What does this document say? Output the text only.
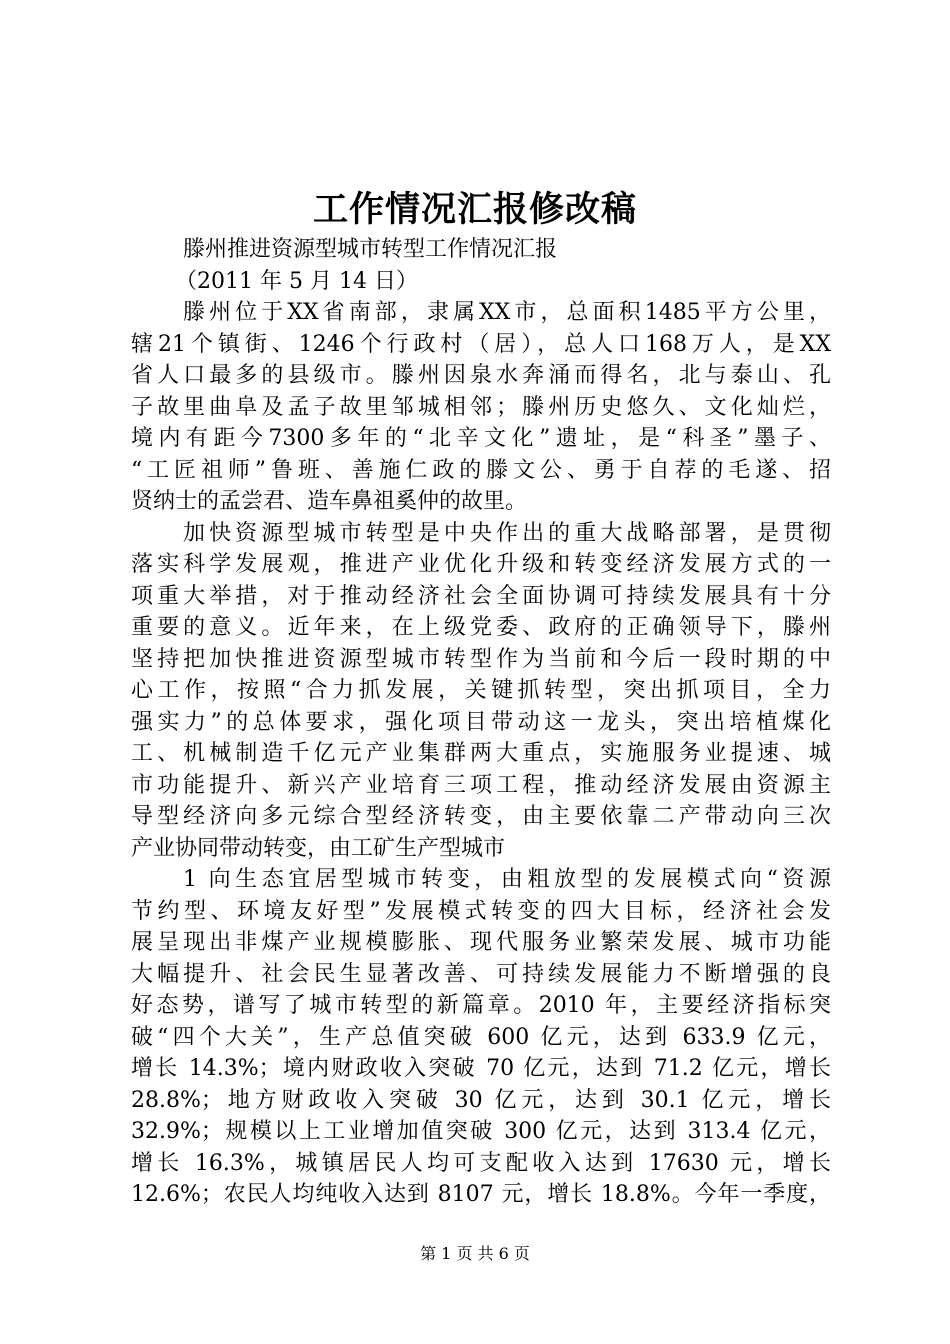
工作情况汇报修改稿

滕州推进资源型城市转型工作情况汇报

（2011 年 5 月 14 日）

滕州位于XX省南部，隶属XX市，总面积1485平方公里，

辖21个镇街、1246个行政村（居），总人口168万人，是XX

省人口最多的县级市。滕州因泉水奔涌而得名，北与泰山、孔

子故里曲阜及孟子故里邹城相邻；滕州历史悠久、文化灿烂，

境内有距今7300多年的“北辛文化”遗址，是“科圣”墨子、

“工匠祖师”鲁班、善施仁政的滕文公、勇于自荐的毛遂、招

贤纳士的孟尝君、造车鼻祖奚仲的故里。

加快资源型城市转型是中央作出的重大战略部署，是贯彻

落实科学发展观，推进产业优化升级和转变经济发展方式的一

项重大举措，对于推动经济社会全面协调可持续发展具有十分

重要的意义。近年来，在上级党委、政府的正确领导下，滕州

坚持把加快推进资源型城市转型作为当前和今后一段时期的中

心工作，按照“合力抓发展，关键抓转型，突出抓项目，全力

强实力”的总体要求，强化项目带动这一龙头，突出培植煤化

工、机械制造千亿元产业集群两大重点，实施服务业提速、城

市功能提升、新兴产业培育三项工程，推动经济发展由资源主

导型经济向多元综合型经济转变，由主要依靠二产带动向三次

产业协同带动转变，由工矿生产型城市

1 向生态宜居型城市转变，由粗放型的发展模式向“资源

节约型、环境友好型”发展模式转变的四大目标，经济社会发

展呈现出非煤产业规模膨胀、现代服务业繁荣发展、城市功能

大幅提升、社会民生显著改善、可持续发展能力不断增强的良

好态势，谱写了城市转型的新篇章。2010 年，主要经济指标突

破“四个大关”，生产总值突破 600 亿元，达到 633.9 亿元，

增长 14.3%；境内财政收入突破 70 亿元，达到 71.2 亿元，增长

28.8%；地方财政收入突破 30 亿元，达到 30.1 亿元，增长

32.9%；规模以上工业增加值突破 300 亿元，达到 313.4 亿元，

增长 16.3%，城镇居民人均可支配收入达到 17630 元，增长

12.6%；农民人均纯收入达到 8107 元，增长 18.8%。今年一季度，

第 1 页 共 6 页
